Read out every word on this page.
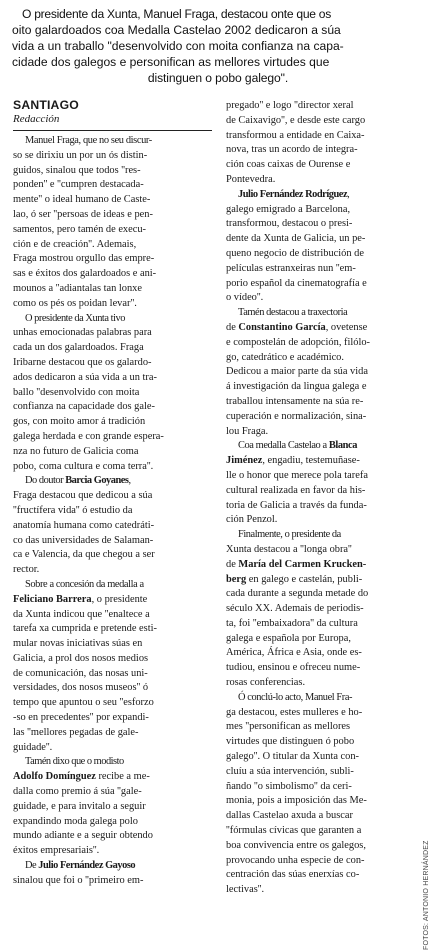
O presidente da Xunta, Manuel Fraga, destacou onte que os
oito galardoados coa Medalla Castelao 2002 dedicaron a súa
vida a un traballo "desenvolvido con moita confianza na capa-
cidade dos galegos e personifican as mellores virtudes que
distinguen o pobo galego".
SANTIAGO
Redacción
Manuel Fraga, que no seu discur-
so se dirixiu un por un ós distin-
guidos, sinalou que todos ''res-
ponden'' e ''cumpren destacada-
mente'' o ideal humano de Caste-
lao, ó ser ''persoas de ideas e pen-
samentos, pero tamén de execu-
ción e de creación''. Ademais,
Fraga mostrou orgullo das empre-
sas e éxitos dos galardoados e ani-
mounos a ''adiantalas tan lonxe
como os pés os poidan levar''.
O presidente da Xunta tivo
unhas emocionadas palabras para
cada un dos galardoados. Fraga
Iribarne destacou que os galardo-
ados dedicaron a súa vida a un tra-
ballo ''desenvolvido con moita
confianza na capacidade dos gale-
gos, con moito amor á tradición
galega herdada e con grande espera-
nza no futuro de Galicia coma
pobo, coma cultura e coma terra''.
Do doutor Barcia Goyanes,
Fraga destacou que dedicou a súa
''fructífera vida'' ó estudio da
anatomía humana como catedráti-
co das universidades de Salaman-
ca e Valencia, da que chegou a ser
rector.
Sobre a concesión da medalla a
Feliciano Barrera, o presidente
da Xunta indicou que ''enaltece a
tarefa xa cumprida e pretende esti-
mular novas iniciativas súas en
Galicia, a prol dos nosos medios
de comunicación, das nosas uni-
versidades, dos nosos museos'' ó
tempo que apuntou o seu ''esforzo
-so en precedentes'' por expandi-
las ''mellores pegadas de gale-
guidade''.
Tamén dixo que o modisto
Adolfo Domínguez recibe a me-
dalla como premio á súa ''gale-
guidade, e para invitalo a seguir
expandindo moda galega polo
mundo adiante e a seguir obtendo
éxitos empresariais''.
De Julio Fernández Gayoso
sinalou que foi o ''primeiro em-
pregado'' e logo ''director xeral
de Caixavigo'', e desde este cargo
transformou a entidade en Caixa-
nova, tras un acordo de integra-
ción coas caixas de Ourense e
Pontevedra.
Julio Fernández Rodríguez,
galego emigrado a Barcelona,
transformou, destacou o presi-
dente da Xunta de Galicia, un pe-
queno negocio de distribución de
películas estranxeiras nun ''em-
porio español da cinematografía e
o vídeo''.
Tamén destacou a traxectoria
de Constantino García, ovetense
e compostelán de adopción, filólo-
go, catedrático e académico.
Dedicou a maior parte da súa vida
á investigación da lingua galega e
traballou intensamente na súa re-
cuperación e normalización, sina-
lou Fraga.
Coa medalla Castelao a Blanca
Jiménez, engadiu, testemuñase-
lle o honor que merece pola tarefa
cultural realizada en favor da his-
toria de Galicia a través da funda-
ción Penzol.
Finalmente, o presidente da
Xunta destacou a ''longa obra''
de María del Carmen Krucken-
berg en galego e castelán, publi-
cada durante a segunda metade do
século XX. Ademais de periodis-
ta, foi ''embaixadora'' da cultura
galega e española por Europa,
América, África e Asia, onde es-
tudiou, ensinou e ofreceu nume-
rosas conferencias.
Ó conclú-lo acto, Manuel Fra-
ga destacou, estes mulleres e ho-
mes ''personifican as mellores
virtudes que distinguen ó pobo
galego''. O titular da Xunta con-
cluíu a súa intervención, subli-
ñando ''o simbolismo'' da ceri-
monia, pois a imposición das Me-
dallas Castelao axuda a buscar
''fórmulas cívicas que garanten a
boa convivencia entre os galegos,
provocando unha especie de con-
centración das súas enerxías co-
lectivas''.	FOTOS: ANTONIO HERNÁNDEZ
